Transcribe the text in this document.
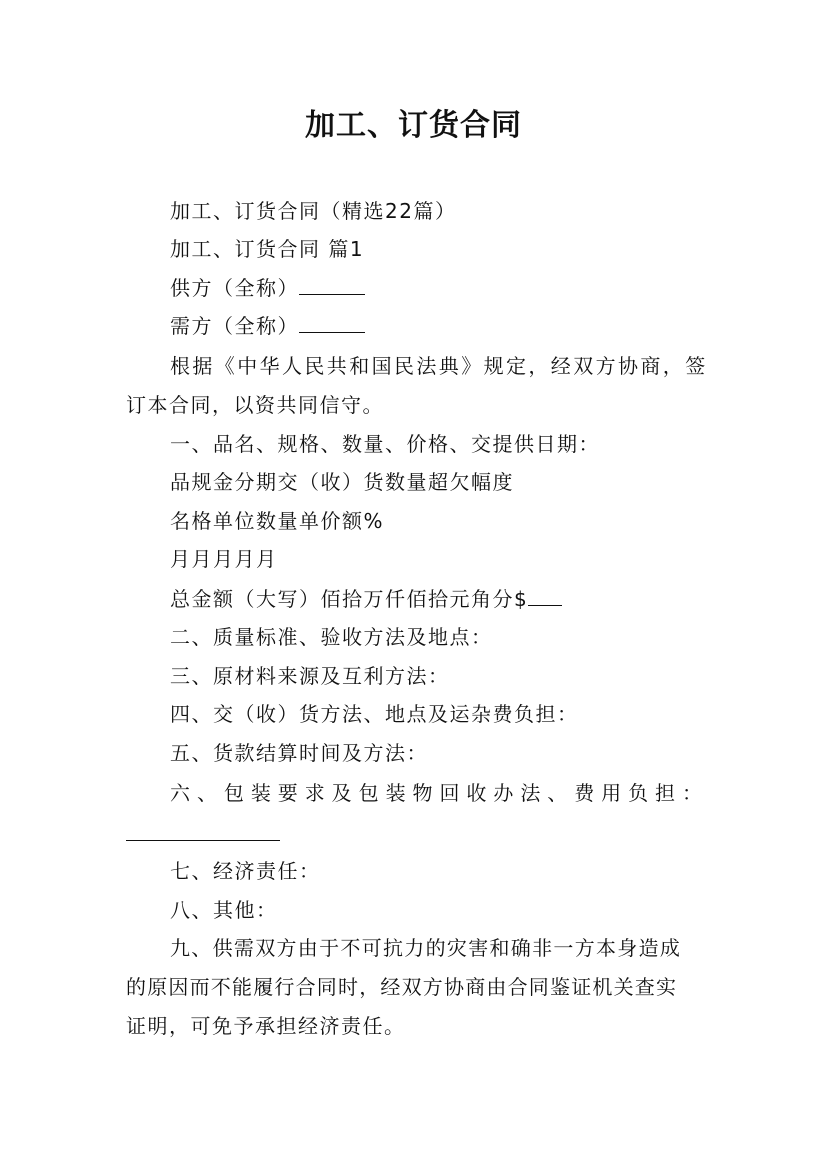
加工、订货合同
加工、订货合同（精选22篇）
加工、订货合同 篇1
供方（全称）
需方（全称）
根据《中华人民共和国民法典》规定，经双方协商，签
订本合同，以资共同信守。
一、品名、规格、数量、价格、交提供日期：
品规金分期交（收）货数量超欠幅度
名格单位数量单价额%
月月月月月
总金额（大写）佰拾万仟佰拾元角分$
二、质量标准、验收方法及地点：
三、原材料来源及互利方法：
四、交（收）货方法、地点及运杂费负担：
五、货款结算时间及方法：
六、包装要求及包装物回收办法、费用负担：
七、经济责任：
八、其他：
九、供需双方由于不可抗力的灾害和确非一方本身造成
的原因而不能履行合同时，经双方协商由合同鉴证机关查实
证明，可免予承担经济责任。
